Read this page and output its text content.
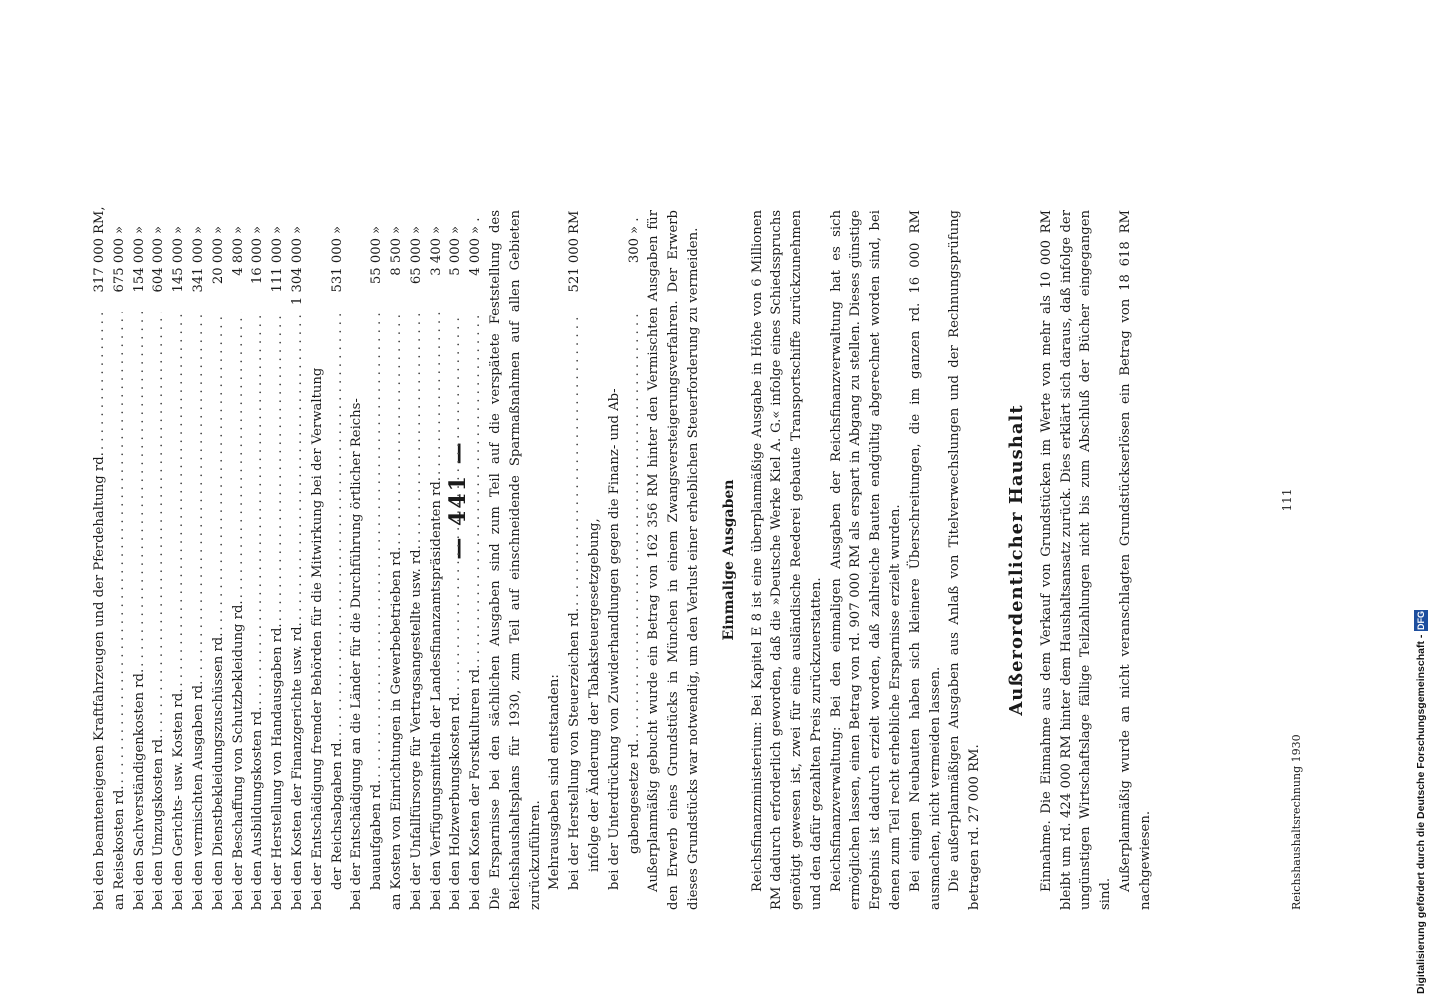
— 441 —
bei den beamteneigenen Kraftfahrzeugen und der Pferdehaltung rd.
. . .
317 000
RM,
an Reisekosten rd.
. . .
675 000
»
bei den Sachverständigenkosten rd.
. . .
154 000
»
bei den Umzugskosten rd.
. . .
604 000
»
bei den Gerichts- usw. Kosten rd.
. . .
145 000
»
bei den vermischten Ausgaben rd.
. . .
341 000
»
bei den Dienstbekleidungszuschüssen rd.
. . .
20 000
»
bei der Beschaffung von Schutzbekleidung rd.
. . .
4 800
»
bei den Ausbildungskosten rd.
. . .
16 000
»
bei der Herstellung von Handausgaben rd.
. . .
111 000
»
bei den Kosten der Finanzgerichte usw. rd.
. . .
1 304 000
»
bei der Entschädigung fremder Behörden für die Mitwirkung bei der Verwaltung der Reichsabgaben rd.
. . .
531 000
»
bei der Entschädigung an die Länder für die Durchführung örtlicher Reichs- bauaufgaben rd.
. . .
55 000
»
an Kosten von Einrichtungen in Gewerbebetrieben rd.
. . .
8 500
»
bei der Unfallfürsorge für Vertragsangestellte usw. rd.
. . .
65 000
»
bei den Verfügungsmitteln der Landesfinanzamtspräsidenten rd.
. . .
3 400
»
bei den Holzwerbungskosten rd.
. . .
5 000
»
bei den Kosten der Forstkulturen rd.
. . .
4 000
» . Die Ersparnisse bei den sächlichen Ausgaben sind zum Teil auf die verspätete Feststellung des Reichshaushaltsplans für 1930, zum Teil auf einschneidende Sparmaßnahmen auf allen Gebieten zurückzuführen. Mehrausgaben sind entstanden: bei der Herstellung von Steuerzeichen rd.
. . .
521 000
RM
infolge der Änderung der Tabaksteuergesetzgebung, bei der Unterdrückung von Zuwiderhandlungen gegen die Finanz- und Ab- gabengesetze rd.
. . .
300
» . Außerplanmäßig gebucht wurde ein Betrag von 162 356 RM hinter den Vermischten Ausgaben für den Erwerb eines Grundstücks in München in einem Zwangsversteigerungsverfahren. Der Erwerb dieses Grundstücks war notwendig, um den Verlust einer erheblichen Steuerforderung zu vermeiden. Einmalige Ausgaben Reichsfinanzministerium: Bei Kapitel E 8 ist eine überplanmäßige Ausgabe in Höhe von 6 Millionen RM dadurch erforderlich geworden, daß die »Deutsche Werke Kiel A. G.« infolge eines Schiedsspruchs genötigt gewesen ist, zwei für eine ausländische Reederei gebaute Transportschiffe zurückzunehmen und den dafür gezahlten Preis zurückzuerstatten. Reichsfinanzverwaltung: Bei den einmaligen Ausgaben der Reichsfinanzverwaltung hat es sich ermöglichen lassen, einen Betrag von rd. 907 000 RM als erspart in Abgang zu stellen. Dieses günstige Ergebnis ist dadurch erzielt worden, daß zahlreiche Bauten endgültig abgerechnet worden sind, bei denen zum Teil recht erhebliche Ersparnisse erzielt wurden. Bei einigen Neubauten haben sich kleinere Überschreitungen, die im ganzen rd. 16 000 RM ausmachen, nicht vermeiden lassen. Die außerplanmäßigen Ausgaben aus Anlaß von Titelverwechslungen und der Rechnungsprüfung betragen rd. 27 000 RM.

Außerordentlicher Haushalt Einnahme. Die Einnahme aus dem Verkauf von Grundstücken im Werte von mehr als 10 000 RM bleibt um rd. 424 000 RM hinter dem Haushaltsansatz zurück. Dies erklärt sich daraus, daß infolge der ungünstigen Wirtschaftslage fällige Teilzahlungen nicht bis zum Abschluß der Bücher eingegangen sind.

Außerplanmäßig wurde an nicht veranschlagten Grundstückserlösen ein Betrag von 18 618 RM nachgewiesen.	Reichshaushaltsrechnung 1930
111
Digitalisierung gefördert durch die Deutsche Forschungsgemeinschaft -
DFG
